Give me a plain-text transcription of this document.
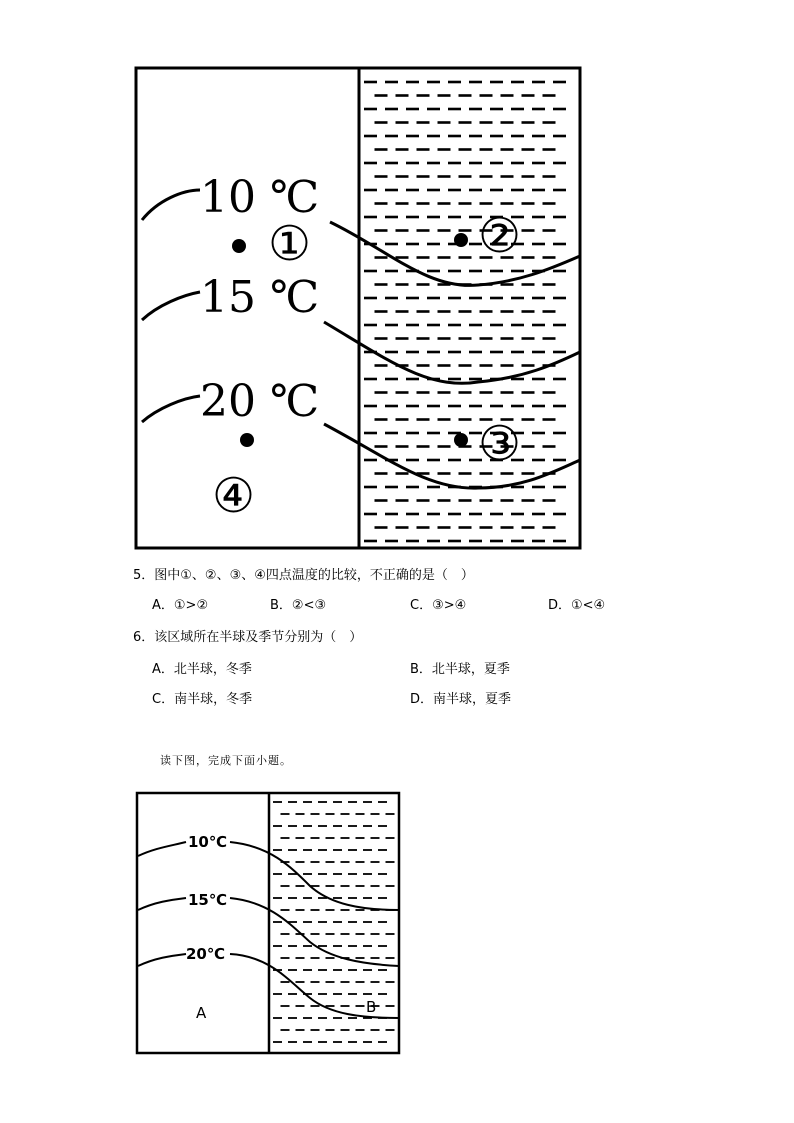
10 ℃
15 ℃
20 ℃
①	②
③
④
5．图中①、②、③、④四点温度的比较，不正确的是（　）
A．①>②	B．②<③	C．③>④	D．①<④
6．该区域所在半球及季节分别为（　）
A．北半球，冬季	B．北半球，夏季
C．南半球，冬季	D．南半球，夏季
读下图，完成下面小题。
10℃
15℃
20℃
A	B
